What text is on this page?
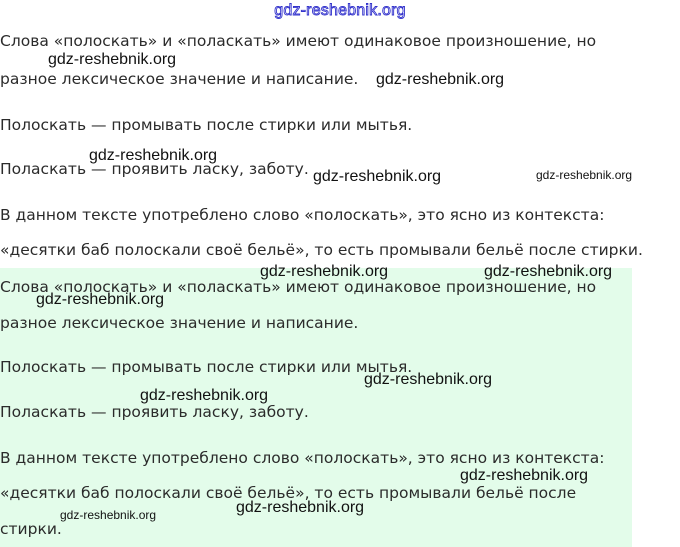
gdz-reshebnik.org

Слова «полоскать» и «поласкать» имеют одинаковое произношение, но

разное лексическое значение и написание.

Полоскать — промывать после стирки или мытья.

Поласкать — проявить ласку, заботу.

В данном тексте употреблено слово «полоскать», это ясно из контекста:

«десятки баб полоскали своё бельё», то есть промывали бельё после стирки.

Слова «полоскать» и «поласкать» имеют одинаковое произношение, но

разное лексическое значение и написание.

Полоскать — промывать после стирки или мытья.

Поласкать — проявить ласку, заботу.

В данном тексте употреблено слово «полоскать», это ясно из контекста:

«десятки баб полоскали своё бельё», то есть промывали бельё после

стирки.

gdz-reshebnik.org
gdz-reshebnik.org
gdz-reshebnik.org
gdz-reshebnik.org	gdz-reshebnik.org
gdz-reshebnik.org	gdz-reshebnik.org
gdz-reshebnik.org
gdz-reshebnik.org
gdz-reshebnik.org
gdz-reshebnik.org
gdz-reshebnik.org
gdz-reshebnik.org
